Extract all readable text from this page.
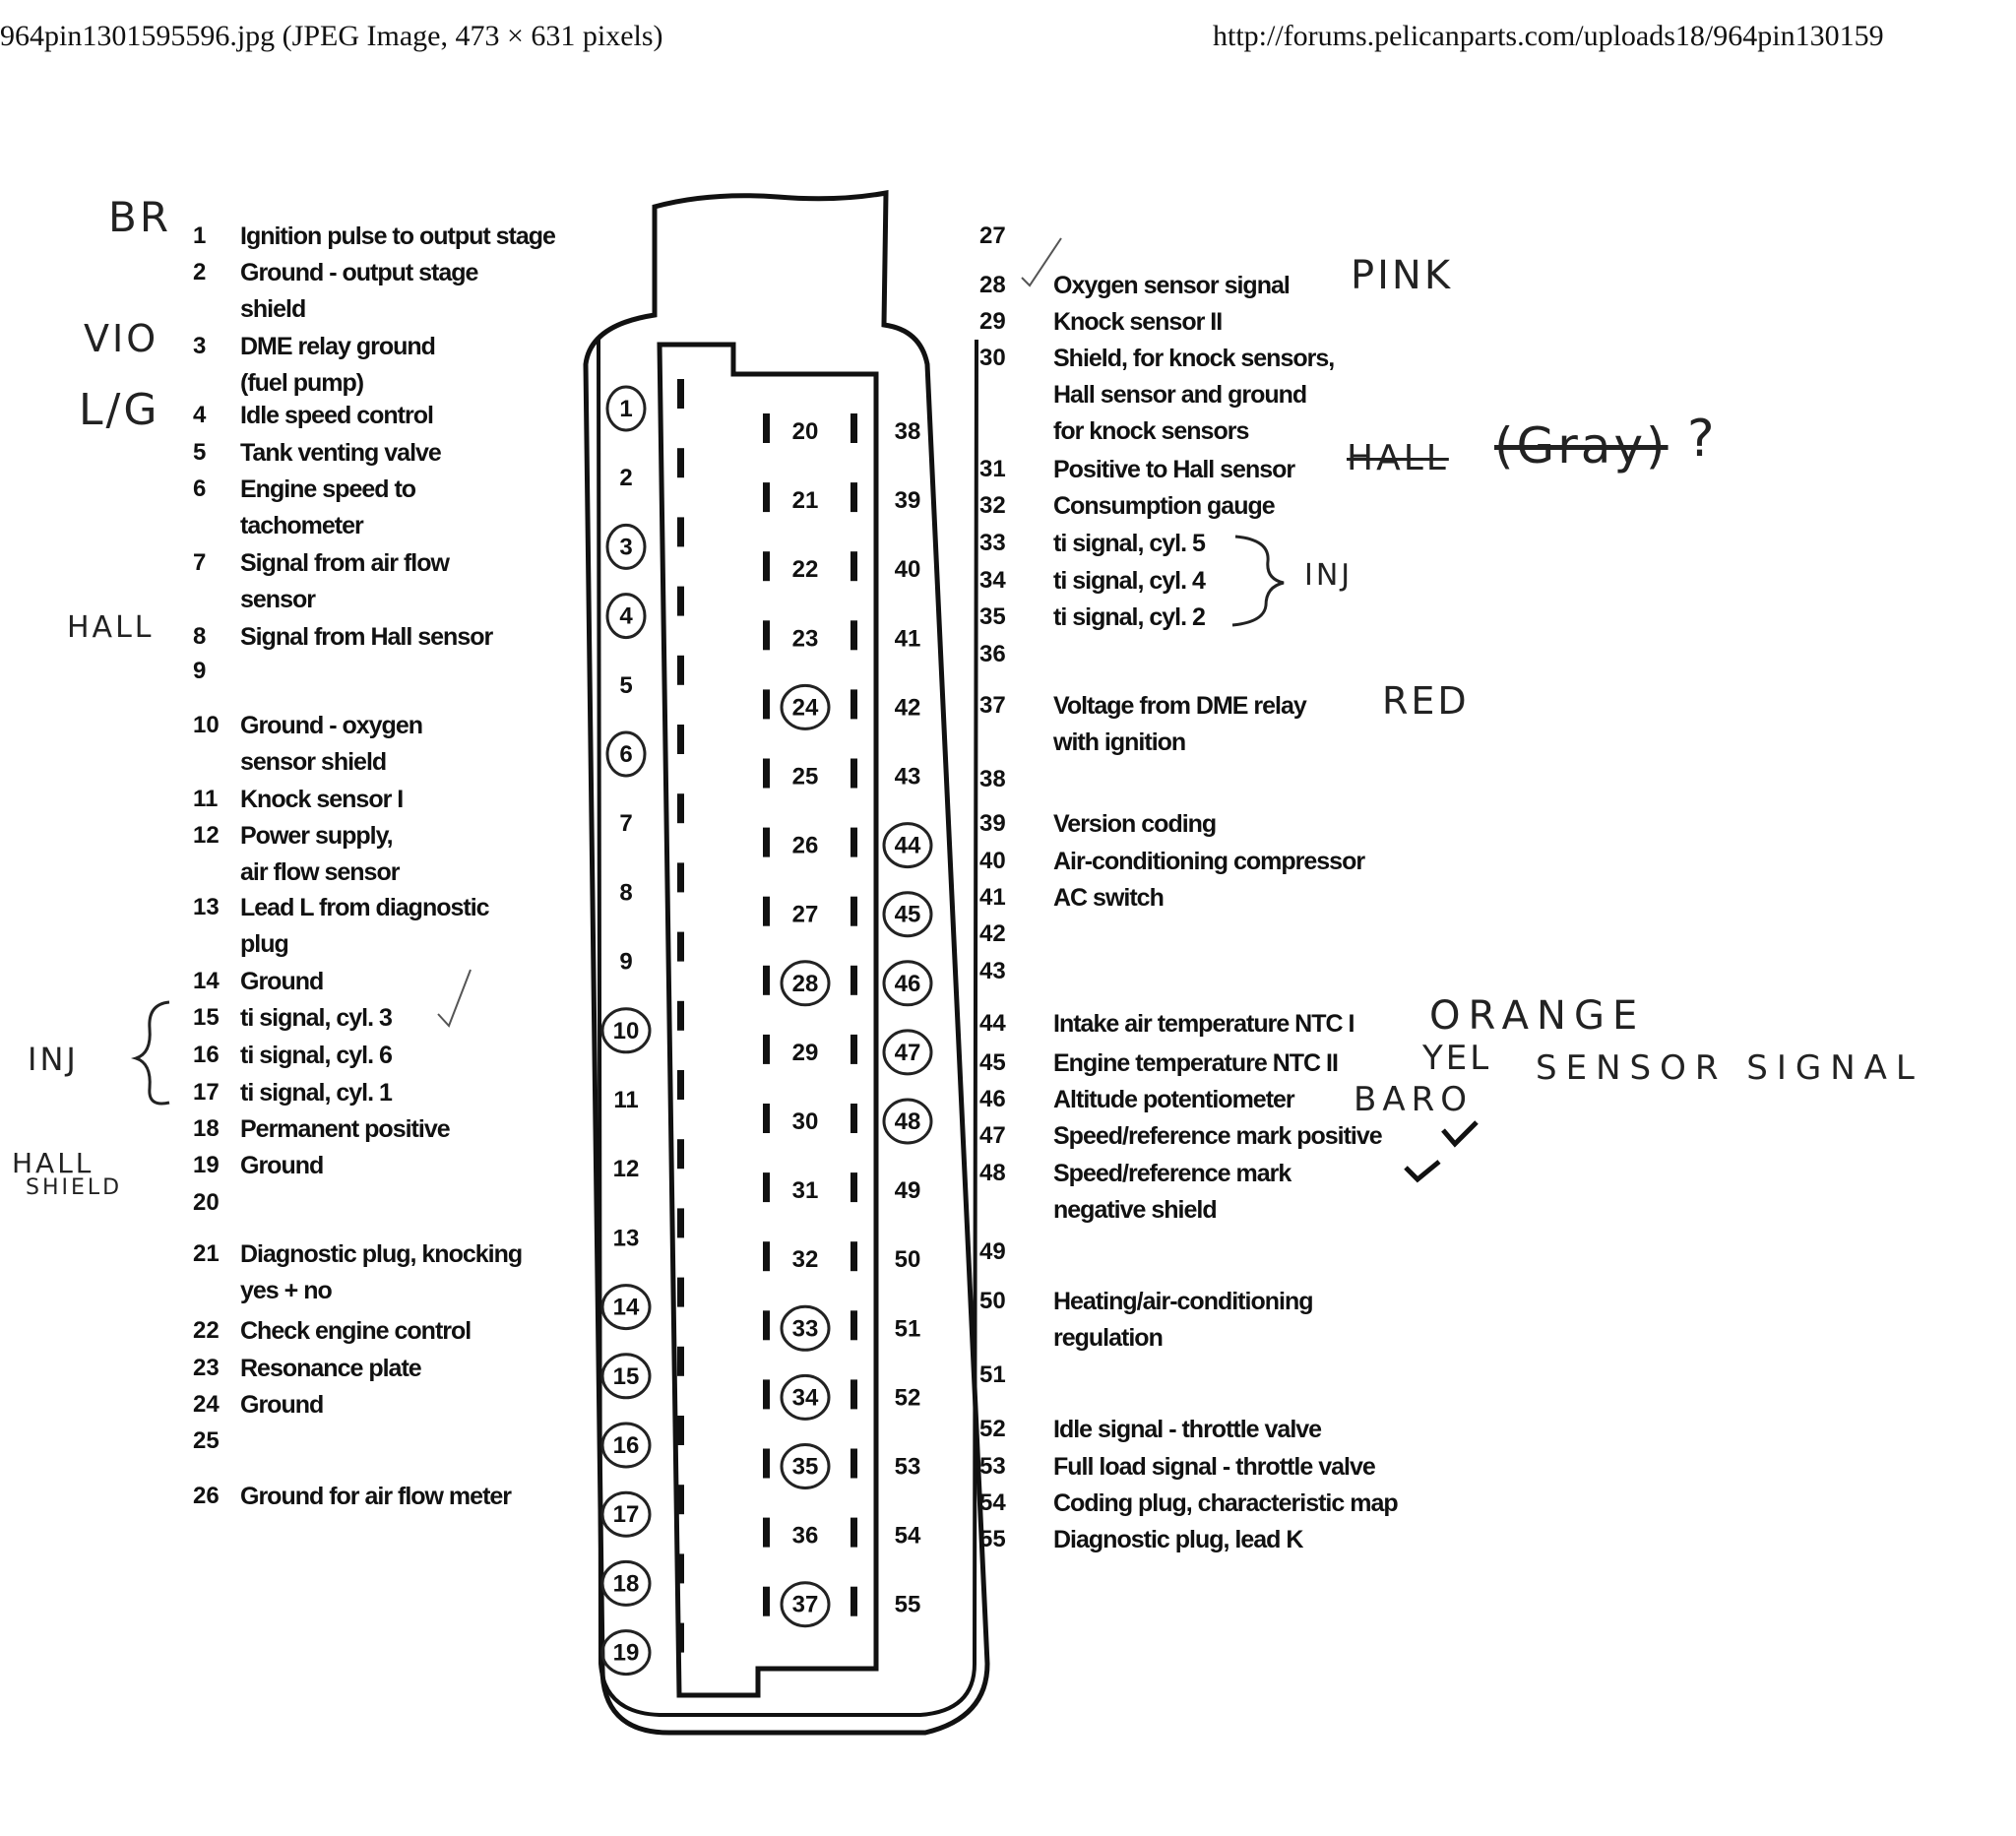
964pin1301595596.jpg (JPEG Image, 473 × 631 pixels)	http://forums.pelicanparts.com/uploads18/964pin130159
1 Ignition pulse to output stage
2 Ground - output stage
shield
3 DME relay ground
(fuel pump)
4 Idle speed control
5 Tank venting valve
6 Engine speed to
tachometer
7 Signal from air flow
sensor
8 Signal from Hall sensor
9
10 Ground - oxygen
sensor shield
11 Knock sensor I
12 Power supply,
air flow sensor
13 Lead L from diagnostic
plug
14 Ground
15 ti signal, cyl. 3
16 ti signal, cyl. 6
17 ti signal, cyl. 1
18 Permanent positive
19 Ground
20
21 Diagnostic plug, knocking
yes + no
22 Check engine control
23 Resonance plate
24 Ground
25
26 Ground for air flow meter
27
28 Oxygen sensor signal
29 Knock sensor II
30 Shield, for knock sensors,
Hall sensor and ground
for knock sensors
31 Positive to Hall sensor
32 Consumption gauge
33 ti signal, cyl. 5
34 ti signal, cyl. 4
35 ti signal, cyl. 2
36
37 Voltage from DME relay
with ignition
38
39 Version coding
40 Air-conditioning compressor
41 AC switch
42
43
44 Intake air temperature NTC I
45 Engine temperature NTC II
46 Altitude potentiometer
47 Speed/reference mark positive
48 Speed/reference mark
negative shield
49
50 Heating/air-conditioning
regulation
51
52 Idle signal - throttle valve
53 Full load signal - throttle valve
54 Coding plug, characteristic map
55 Diagnostic plug, lead K
1
2
3
4
5
6
7
8
9
10
11
12
13
14
15
16
17
18
19
20
21
22
23
24
25
26
27
28
29
30
31
32
33
34
35
36
37
38
39
40
41
42
43
44
45
46
47
48
49
50
51
52
53
54
55
BR
VIO
L/G
HALL
INJ
HALL
SHIELD
PINK
HALL (Gray) ?
INJ
RED
ORANGE
YEL
BARO
SENSOR SIGNAL
